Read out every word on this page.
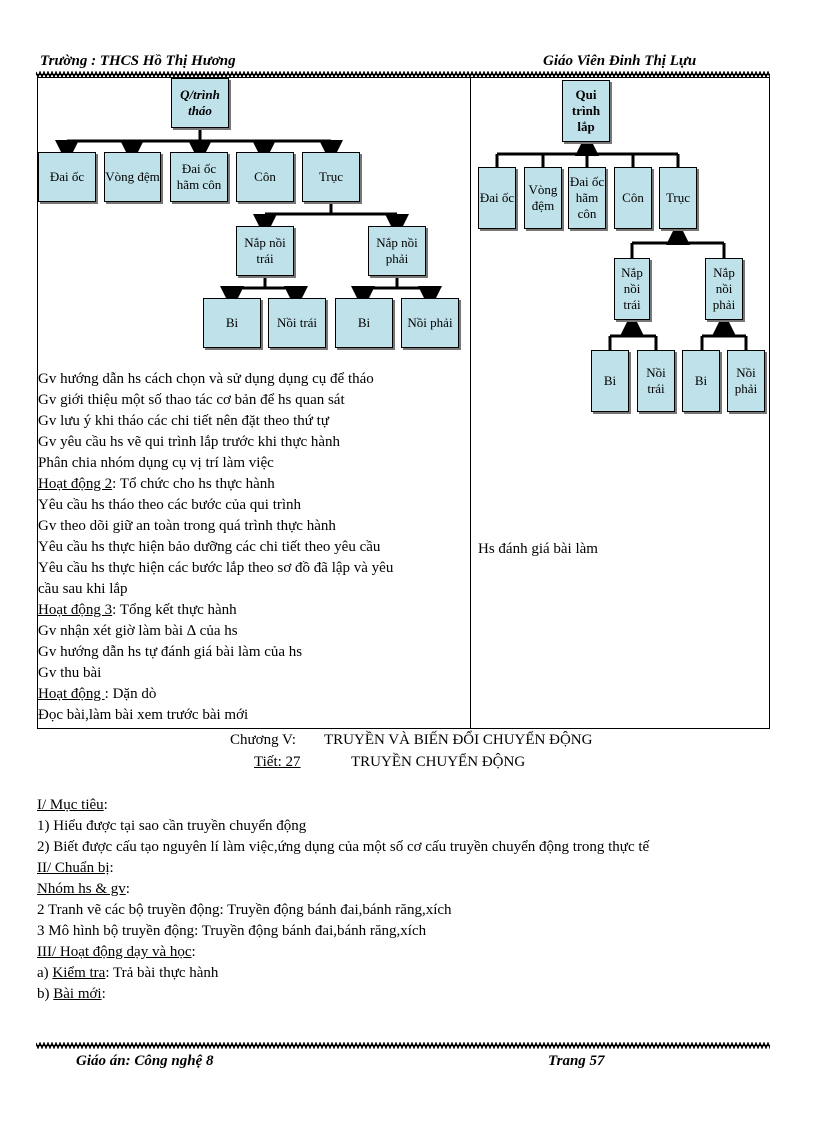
Trường : THCS Hồ Thị Hương	Giáo Viên Đinh Thị Lựu
Q/trình tháo
Đai ốc	Vòng đệm
Đai ốc hãm côn
Côn	Trục
Nắp nồi trái
Nắp nồi phải
Bi	Nồi trái	Bi	Nồi phải
Qui trình lắp
Đai ốc
Vòng đệm
Đai ốc hãm côn
Côn	Trục
Nắp nồi trái
Nắp nồi phải
Bi
Nồi trái
Bi
Nồi phải
Gv hướng dẫn hs cách chọn và sử dụng dụng cụ để tháo
Gv giới thiệu một số thao tác cơ bản để hs quan sát
Gv lưu ý khi tháo các chi tiết nên đặt theo thứ tự
Gv yêu cầu hs vẽ qui trình lắp trước khi thực hành
Phân chia nhóm dụng cụ vị trí làm việc
Hoạt động 2: Tổ chức cho hs thực hành
Yêu cầu hs tháo theo các bước của qui trình
Gv theo dõi giữ an toàn trong quá trình thực hành
Yêu cầu hs thực hiện bảo dưỡng các chi tiết theo yêu cầu
Yêu cầu hs thực hiện các bước lắp theo sơ đồ đã lập và yêu
cầu sau khi lắp
Hoạt động 3: Tổng kết thực hành
Gv nhận xét giờ làm bài ∆ của hs
Gv hướng dẫn hs tự đánh giá bài làm của hs
Gv thu bài
Hoạt động : Dặn dò
Đọc bài,làm bài xem trước bài mới
Hs đánh giá bài làm
Chương V: TRUYỀN VÀ BIẾN ĐỔI CHUYỂN ĐỘNG
Tiết: 27	TRUYỀN CHUYỂN ĐỘNG
I/ Mục tiêu:
1) Hiểu được tại sao cần truyền chuyển động
2) Biết được cấu tạo nguyên lí làm việc,ứng dụng của một số cơ cấu truyền chuyển động trong thực tế
II/ Chuẩn bị:
Nhóm hs & gv:
2 Tranh vẽ các bộ truyền động: Truyền động bánh đai,bánh răng,xích
3 Mô hình bộ truyền động: Truyền động bánh đai,bánh răng,xích
III/ Hoạt động dạy và học:
a) Kiểm tra: Trả bài thực hành
b) Bài mới:
Giáo án: Công nghệ 8	Trang 57
